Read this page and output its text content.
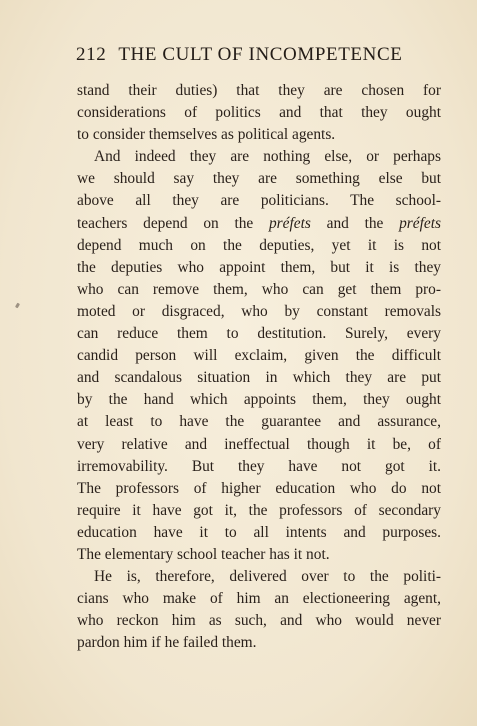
212 THE CULT OF INCOMPETENCE

stand their duties) that they are chosen for
considerations of politics and that they ought
to consider themselves as political agents.

And indeed they are nothing else, or perhaps
we should say they are something else but
above all they are politicians. The school-
teachers depend on the préfets and the préfets
depend much on the deputies, yet it is not
the deputies who appoint them, but it is they
who can remove them, who can get them pro-
moted or disgraced, who by constant removals
can reduce them to destitution. Surely, every
candid person will exclaim, given the difficult
and scandalous situation in which they are put
by the hand which appoints them, they ought
at least to have the guarantee and assurance,
very relative and ineffectual though it be, of
irremovability. But they have not got it.
The professors of higher education who do not
require it have got it, the professors of secondary
education have it to all intents and purposes.
The elementary school teacher has it not.

He is, therefore, delivered over to the politi-
cians who make of him an electioneering agent,
who reckon him as such, and who would never
pardon him if he failed them.
